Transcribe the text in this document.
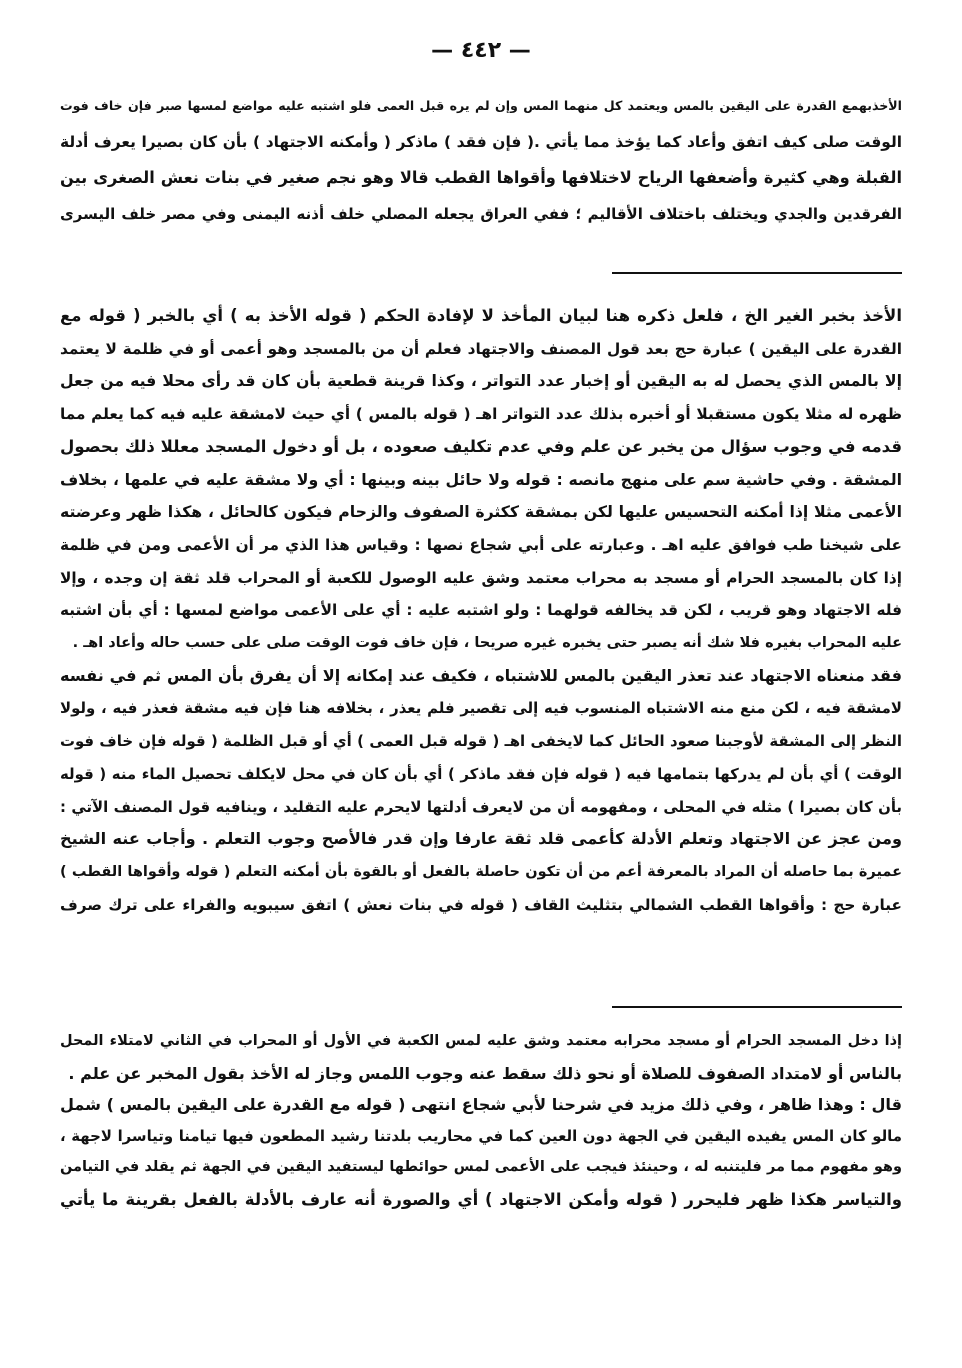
— ٤٤٢ —
الأخذبهمع القدرة على اليقين بالمس ويعتمد كل منهما المس وإن لم يره قبل العمى فلو اشتبه عليه مواضع لمسها صبر فإن خاف فوت
الوقت صلى كيف اتفق وأعاد كما يؤخذ مما يأتي .( فإن فقد ) ماذكر ( وأمكنه الاجتهاد ) بأن كان بصيرا يعرف أدلة
القبلة وهي كثيرة وأضعفها الرياح لاختلافها وأقواها القطب قالا وهو نجم صغير في بنات نعش الصغرى بين
الفرقدين والجدي ويختلف باختلاف الأقاليم ؛ ففي العراق يجعله المصلي خلف أذنه اليمنى وفي مصر خلف اليسرى
الأخذ بخبر الغير الخ ، فلعل ذكره هنا لبيان المأخذ لا لإفادة الحكم ( قوله الأخذ به ) أي بالخبر ( قوله مع
القدرة على اليقين ) عبارة حج بعد قول المصنف والاجتهاد فعلم أن من بالمسجد وهو أعمى أو في ظلمة لا يعتمد
إلا بالمس الذي يحصل له به اليقين أو إخبار عدد التواتر ، وكذا قرينة قطعية بأن كان قد رأى محلا فيه من جعل
ظهره له مثلا يكون مستقبلا أو أخبره بذلك عدد التواتر اهـ ( قوله بالمس ) أي حيث لامشقة عليه فيه كما يعلم مما
قدمه في وجوب سؤال من يخبر عن علم وفي عدم تكليف صعوده ، بل أو دخول المسجد معللا ذلك بحصول
المشقة . وفي حاشية سم على منهج مانصه : قوله ولا حائل بينه وبينها : أي ولا مشقة عليه في علمها ، بخلاف
الأعمى مثلا إذا أمكنه التحسيس عليها لكن بمشقة ككثرة الصفوف والزحام فيكون كالحائل ، هكذا ظهر وعرضته
على شيخنا طب فوافق عليه اهـ . وعبارته على أبي شجاع نصها : وقياس هذا الذي مر أن الأعمى ومن في ظلمة
إذا كان بالمسجد الحرام أو مسجد به محراب معتمد وشق عليه الوصول للكعبة أو المحراب قلد ثقة إن وجده ، وإلا
فله الاجتهاد وهو قريب ، لكن قد يخالفه قولهما : ولو اشتبه عليه : أي على الأعمى مواضع لمسها : أي بأن اشتبه
عليه المحراب بغيره فلا شك أنه يصبر حتى يخبره غيره صريحا ، فإن خاف فوت الوقت صلى على حسب حاله وأعاد اهـ .
فقد منعناه الاجتهاد عند تعذر اليقين بالمس للاشتباه ، فكيف عند إمكانه إلا أن يفرق بأن المس ثم في نفسه
لامشقة فيه ، لكن منع منه الاشتباه المنسوب فيه إلى تقصير فلم يعذر ، بخلافه هنا فإن فيه مشقة فعذر فيه ، ولولا
النظر إلى المشقة لأوجبنا صعود الحائل كما لايخفى اهـ ( قوله قبل العمى ) أي أو قبل الظلمة ( قوله فإن خاف فوت
الوقت ) أي بأن لم يدركها بتمامها فيه ( قوله فإن فقد ماذكر ) أي بأن كان في محل لايكلف تحصيل الماء منه ( قوله
بأن كان بصيرا ) مثله في المحلى ، ومفهومه أن من لايعرف أدلتها لايحرم عليه التقليد ، وينافيه قول المصنف الآتي :
ومن عجز عن الاجتهاد وتعلم الأدلة كأعمى قلد ثقة عارفا وإن قدر فالأصح وجوب التعلم . وأجاب عنه الشيخ
عميرة بما حاصله أن المراد بالمعرفة أعم من أن تكون حاصلة بالفعل أو بالقوة بأن أمكنه التعلم ( قوله وأقواها القطب )
عبارة حج : وأقواها القطب الشمالي بتثليث القاف ( قوله في بنات نعش ) اتفق سيبويه والفراء على ترك صرف
إذا دخل المسجد الحرام أو مسجد محرابه معتمد وشق عليه لمس الكعبة في الأول أو المحراب في الثاني لامتلاء المحل
بالناس أو لامتداد الصفوف للصلاة أو نحو ذلك سقط عنه وجوب اللمس وجاز له الأخذ بقول المخبر عن علم .
قال : وهذا ظاهر ، وفي ذلك مزيد في شرحنا لأبي شجاع انتهى ( قوله مع القدرة على اليقين بالمس ) شمل
مالو كان المس يفيده اليقين في الجهة دون العين كما في محاريب بلدتنا رشيد المطعون فيها تيامنا وتياسرا لاجهة ،
وهو مفهوم مما مر فليتنبه له ، وحينئذ فيجب على الأعمى لمس حوائطها ليستفيد اليقين في الجهة ثم يقلد في التيامن
والتياسر هكذا ظهر فليحرر ( قوله وأمكن الاجتهاد ) أي والصورة أنه عارف بالأدلة بالفعل بقرينة ما يأتي
